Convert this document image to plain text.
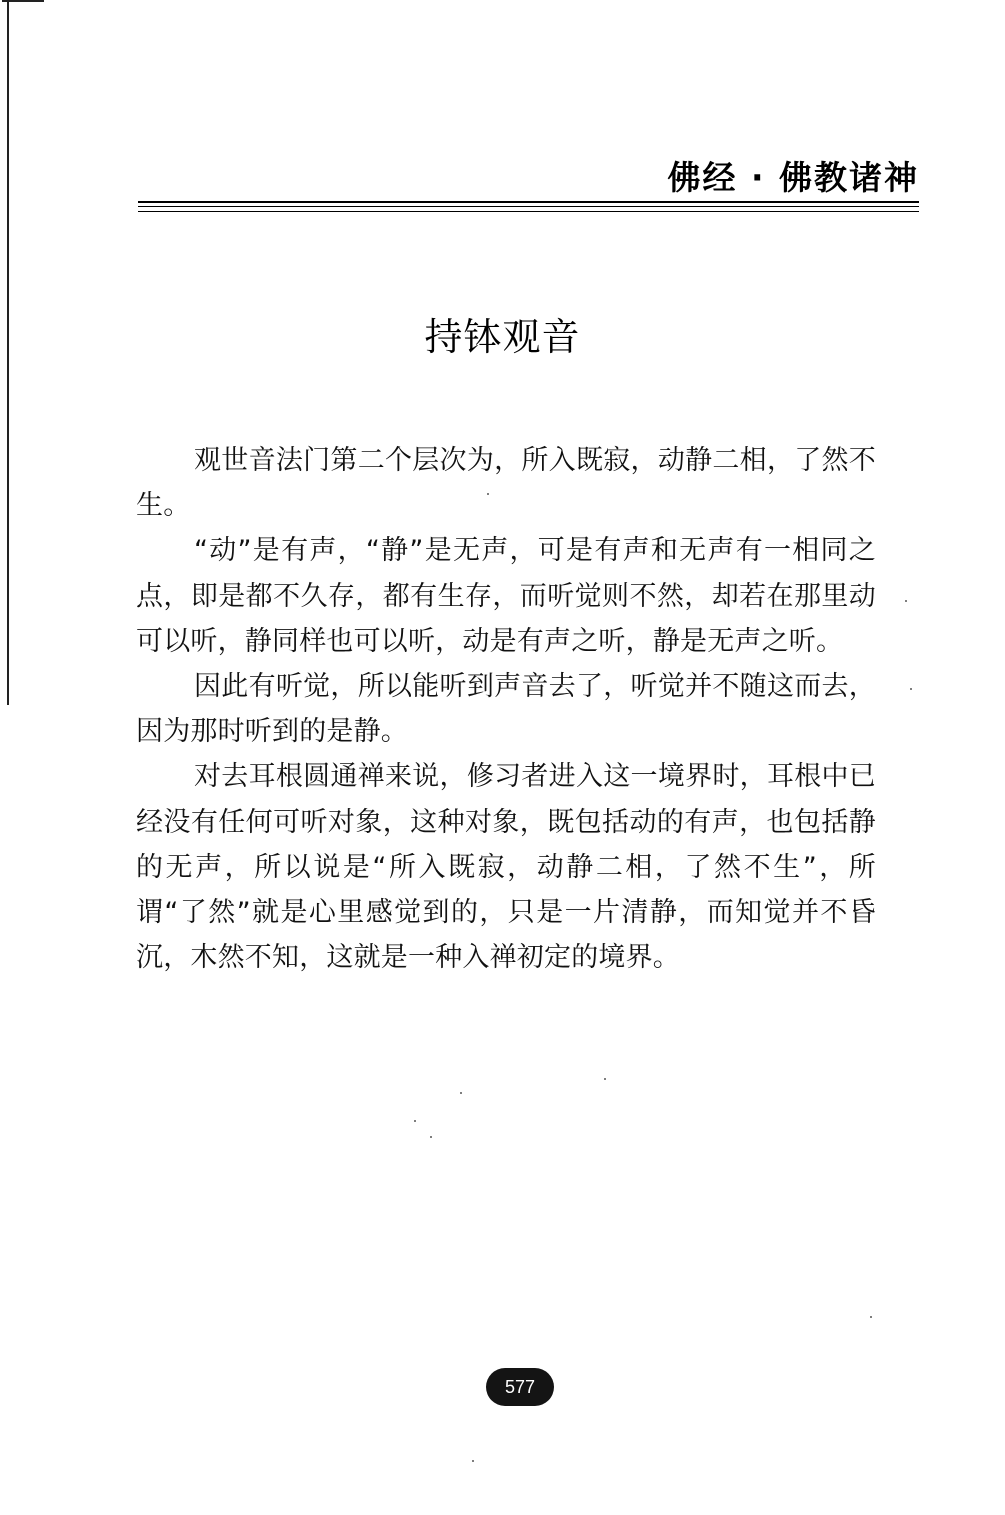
佛经 · 佛教诸神
持钵观音

观世音法门第二个层次为，所入既寂，动静二相，了然不生。

“动”是有声，“静”是无声，可是有声和无声有一相同之点，即是都不久存，都有生存，而听觉则不然，却若在那里动可以听，静同样也可以听，动是有声之听，静是无声之听。

因此有听觉，所以能听到声音去了，听觉并不随这而去，因为那时听到的是静。

对去耳根圆通禅来说，修习者进入这一境界时，耳根中已经没有任何可听对象，这种对象，既包括动的有声，也包括静的无声，所以说是“所入既寂，动静二相，了然不生”，所谓“了然”就是心里感觉到的，只是一片清静，而知觉并不昏沉，木然不知，这就是一种入禅初定的境界。

577
